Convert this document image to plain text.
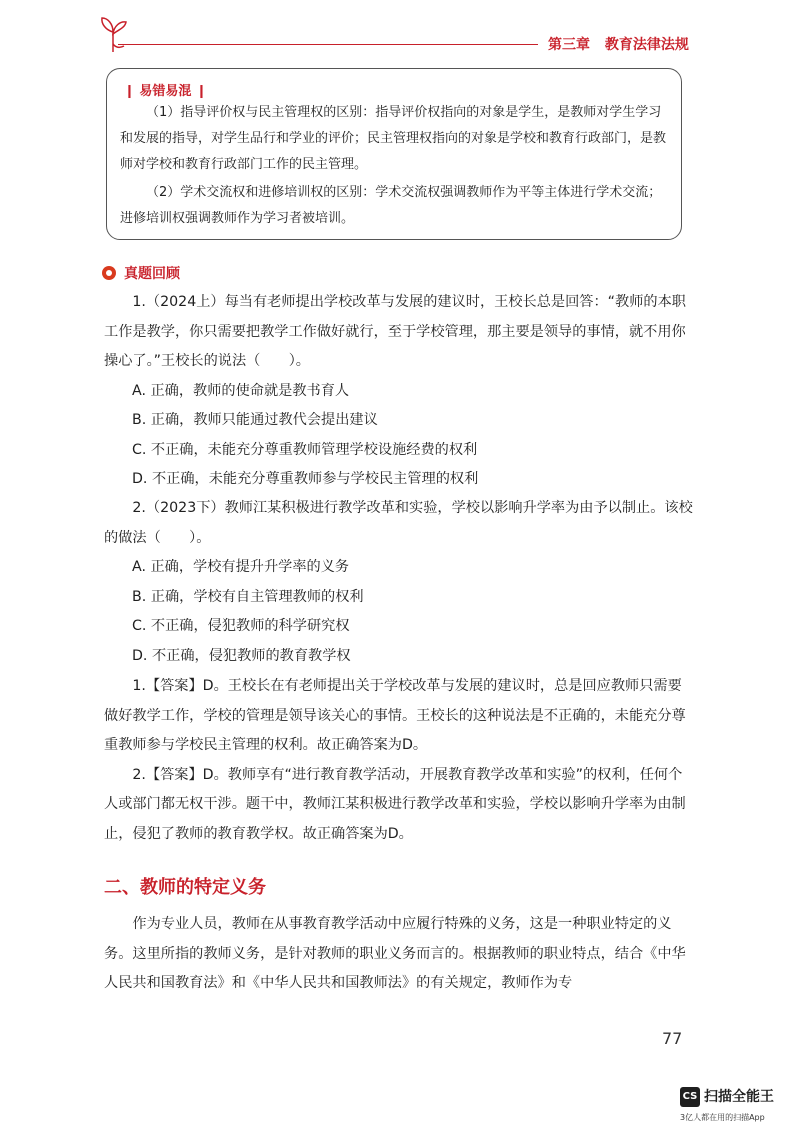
第三章 教育法律法规
❙ 易错易混 ❙

（1）指导评价权与民主管理权的区别：指导评价权指向的对象是学生，是教师对学生学习和发展的指导，对学生品行和学业的评价；民主管理权指向的对象是学校和教育行政部门，是教师对学校和教育行政部门工作的民主管理。

（2）学术交流权和进修培训权的区别：学术交流权强调教师作为平等主体进行学术交流；进修培训权强调教师作为学习者被培训。

真题回顾

1.（2024上）每当有老师提出学校改革与发展的建议时，王校长总是回答：“教师的本职工作是教学，你只需要把教学工作做好就行，至于学校管理，那主要是领导的事情，就不用你操心了。”王校长的说法（　　）。

A. 正确，教师的使命就是教书育人

B. 正确，教师只能通过教代会提出建议

C. 不正确，未能充分尊重教师管理学校设施经费的权利

D. 不正确，未能充分尊重教师参与学校民主管理的权利

2.（2023下）教师江某积极进行教学改革和实验，学校以影响升学率为由予以制止。该校的做法（　　）。

A. 正确，学校有提升升学率的义务

B. 正确，学校有自主管理教师的权利

C. 不正确，侵犯教师的科学研究权

D. 不正确，侵犯教师的教育教学权

1.【答案】D。王校长在有老师提出关于学校改革与发展的建议时，总是回应教师只需要做好教学工作，学校的管理是领导该关心的事情。王校长的这种说法是不正确的，未能充分尊重教师参与学校民主管理的权利。故正确答案为D。

2.【答案】D。教师享有“进行教育教学活动，开展教育教学改革和实验”的权利，任何个人或部门都无权干涉。题干中，教师江某积极进行教学改革和实验，学校以影响升学率为由制止，侵犯了教师的教育教学权。故正确答案为D。

二、教师的特定义务

作为专业人员，教师在从事教育教学活动中应履行特殊的义务，这是一种职业特定的义务。这里所指的教师义务，是针对教师的职业义务而言的。根据教师的职业特点，结合《中华人民共和国教育法》和《中华人民共和国教师法》的有关规定，教师作为专

77
CS 扫描全能王
3亿人都在用的扫描App
